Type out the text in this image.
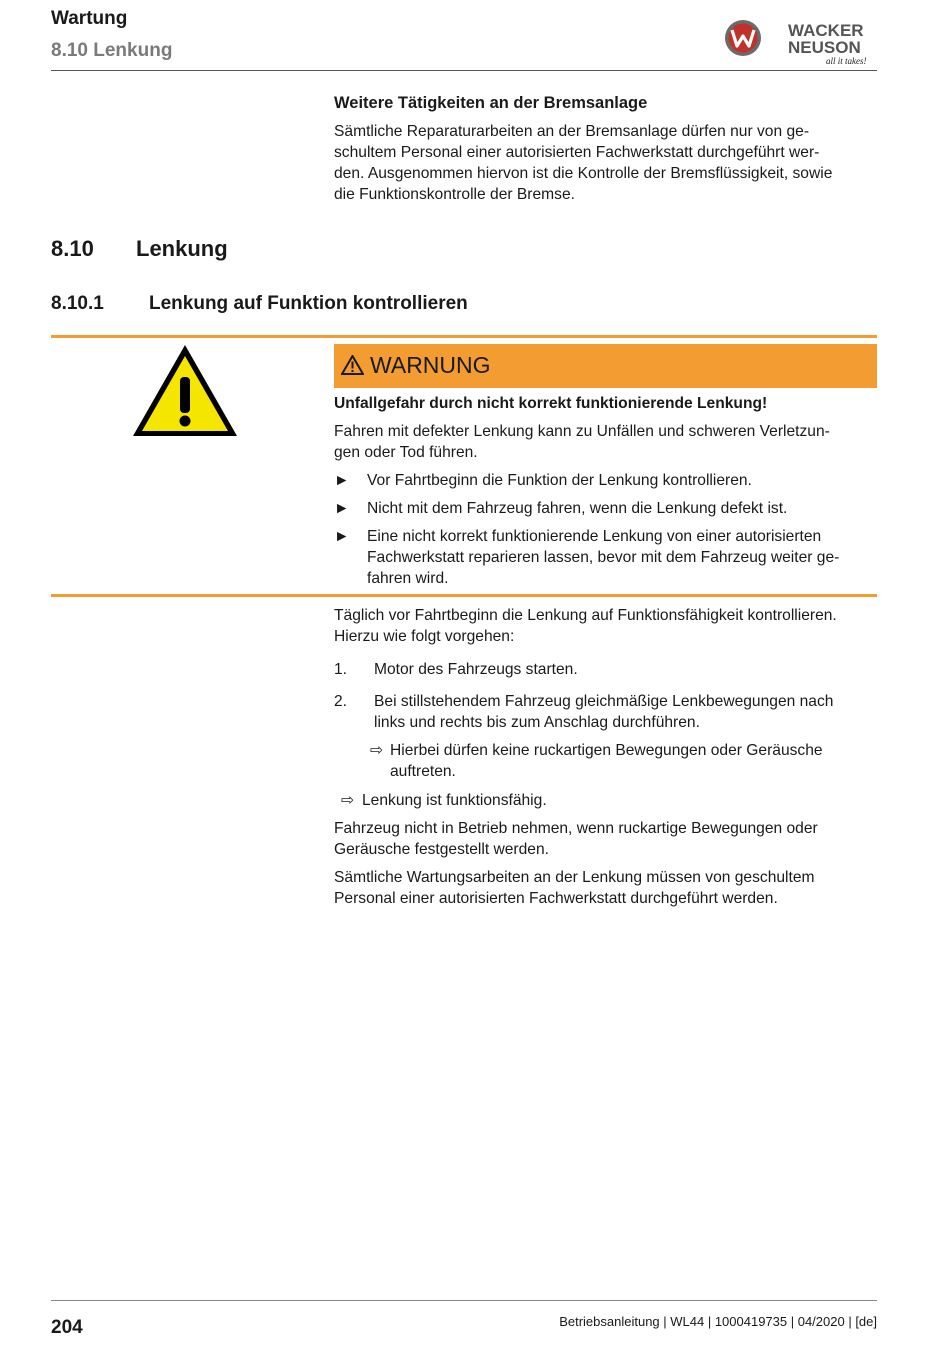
Wartung
8.10 Lenkung
WACKER
NEUSON
all it takes!
Weitere Tätigkeiten an der Bremsanlage
Sämtliche Reparaturarbeiten an der Bremsanlage dürfen nur von ge-
schultem Personal einer autorisierten Fachwerkstatt durchgeführt wer-
den. Ausgenommen hiervon ist die Kontrolle der Bremsflüssigkeit, sowie
die Funktionskontrolle der Bremse.
8.10 Lenkung
8.10.1 Lenkung auf Funktion kontrollieren
WARNUNG
Unfallgefahr durch nicht korrekt funktionierende Lenkung!
Fahren mit defekter Lenkung kann zu Unfällen und schweren Verletzun-
gen oder Tod führen.
► Vor Fahrtbeginn die Funktion der Lenkung kontrollieren.
► Nicht mit dem Fahrzeug fahren, wenn die Lenkung defekt ist.
► Eine nicht korrekt funktionierende Lenkung von einer autorisierten
Fachwerkstatt reparieren lassen, bevor mit dem Fahrzeug weiter ge-
fahren wird.
Täglich vor Fahrtbeginn die Lenkung auf Funktionsfähigkeit kontrollieren.
Hierzu wie folgt vorgehen:
1. Motor des Fahrzeugs starten.
2. Bei stillstehendem Fahrzeug gleichmäßige Lenkbewegungen nach
links und rechts bis zum Anschlag durchführen.
⇨ Hierbei dürfen keine ruckartigen Bewegungen oder Geräusche
auftreten.
⇨ Lenkung ist funktionsfähig.
Fahrzeug nicht in Betrieb nehmen, wenn ruckartige Bewegungen oder
Geräusche festgestellt werden.
Sämtliche Wartungsarbeiten an der Lenkung müssen von geschultem
Personal einer autorisierten Fachwerkstatt durchgeführt werden.
204	Betriebsanleitung | WL44 | 1000419735 | 04/2020 | [de]
